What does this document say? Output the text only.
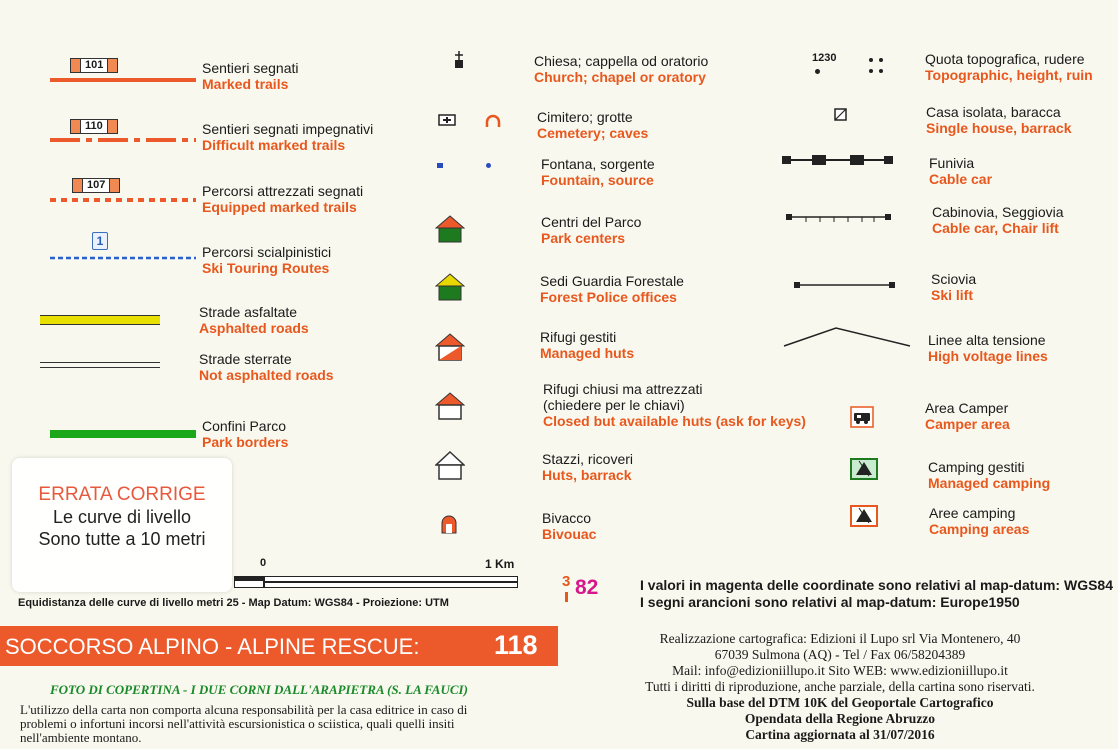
101	Sentieri segnati
Marked trails
110	Sentieri segnati impegnativi
Difficult marked trails
107	Percorsi attrezzati segnati
Equipped marked trails
1
Percorsi scialpinistici
Ski Touring Routes
Strade asfaltate
Asphalted roads
Strade sterrate
Not asphalted roads
Confini Parco
Park borders
Chiesa; cappella od oratorio
Church; chapel or oratory
Cimitero; grotte
Cemetery; caves
Fontana, sorgente
Fountain, source
Centri del Parco
Park centers
Sedi Guardia Forestale
Forest Police offices
Rifugi gestiti
Managed huts
Rifugi chiusi ma attrezzati
(chiedere per le chiavi)
Closed but available huts (ask for keys)
Stazzi, ricoveri
Huts, barrack
Bivacco
Bivouac
1230	Quota topografica, rudere
Topographic, height, ruin
Casa isolata, baracca
Single house, barrack
Funivia
Cable car
Cabinovia, Seggiovia
Cable car, Chair lift
Sciovia
Ski lift
Linee alta tensione
High voltage lines
Area Camper
Camper area
Camping gestiti
Managed camping
Aree camping
Camping areas
ERRATA CORRIGE
Le curve di livello
Sono tutte a 10 metri
0	1 Km
Equidistanza delle curve di livello metri 25 - Map Datum: WGS84 - Proiezione: UTM
3 82	I valori in magenta delle coordinate sono relativi al map-datum: WGS84
I segni arancioni sono relativi al map-datum: Europe1950
SOCCORSO ALPINO - ALPINE RESCUE:	118
FOTO DI COPERTINA - I DUE CORNI DALL'ARAPIETRA (S. LA FAUCI)
L'utilizzo della carta non comporta alcuna responsabilità per la casa editrice in caso di
problemi o infortuni incorsi nell'attività escursionistica o sciistica, quali quelli insiti
nell'ambiente montano.
Realizzazione cartografica: Edizioni il Lupo srl Via Montenero, 40
67039 Sulmona (AQ) - Tel / Fax 06/58204389
Mail: info@edizioniillupo.it Sito WEB: www.edizioniillupo.it
Tutti i diritti di riproduzione, anche parziale, della cartina sono riservati.
Sulla base del DTM 10K del Geoportale Cartografico
Opendata della Regione Abruzzo
Cartina aggiornata al 31/07/2016
